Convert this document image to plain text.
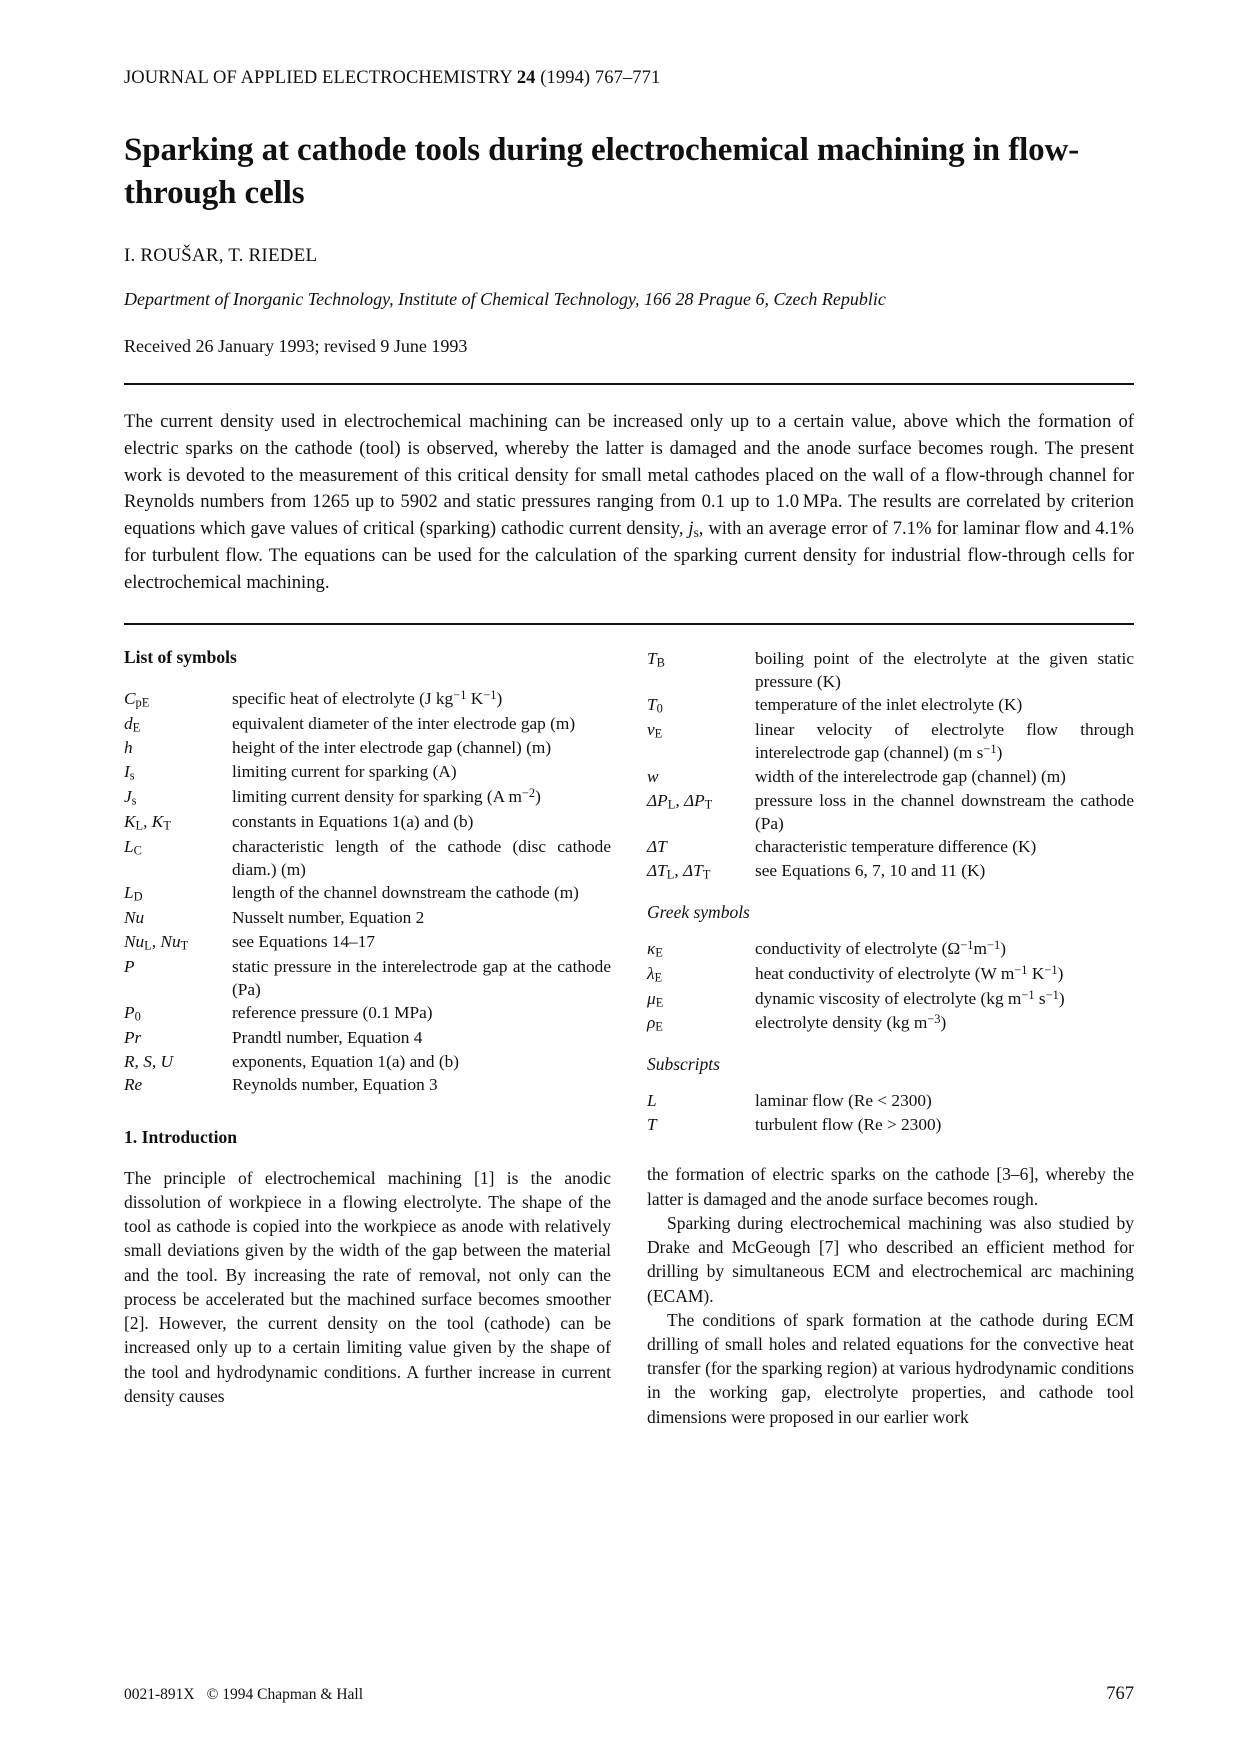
JOURNAL OF APPLIED ELECTROCHEMISTRY 24 (1994) 767–771
Sparking at cathode tools during electrochemical machining in flow-through cells
I. ROUŠAR, T. RIEDEL
Department of Inorganic Technology, Institute of Chemical Technology, 166 28 Prague 6, Czech Republic
Received 26 January 1993; revised 9 June 1993
The current density used in electrochemical machining can be increased only up to a certain value, above which the formation of electric sparks on the cathode (tool) is observed, whereby the latter is damaged and the anode surface becomes rough. The present work is devoted to the measurement of this critical density for small metal cathodes placed on the wall of a flow-through channel for Reynolds numbers from 1265 up to 5902 and static pressures ranging from 0.1 up to 1.0 MPa. The results are correlated by criterion equations which gave values of critical (sparking) cathodic current density, $j_s$, with an average error of 7.1% for laminar flow and 4.1% for turbulent flow. The equations can be used for the calculation of the sparking current density for industrial flow-through cells for electrochemical machining.
List of symbols
$C_{pE}$	specific heat of electrolyte (J $kg^{-1}$ $K^{-1}$)
$d_E$	equivalent diameter of the inter electrode gap (m)
h	height of the inter electrode gap (channel) (m)
$I_s$	limiting current for sparking (A)
$J_s$	limiting current density for sparking (A $m^{-2}$)
$K_L$, $K_T$	constants in Equations 1(a) and (b)
$L_C$	characteristic length of the cathode (disc cathode diam.) (m)
$L_D$	length of the channel downstream the cathode (m)
Nu	Nusselt number, Equation 2
$Nu_L$, $Nu_T$	see Equations 14–17
P	static pressure in the interelectrode gap at the cathode (Pa)
$P_0$	reference pressure (0.1 MPa)
Pr	Prandtl number, Equation 4
R, S, U	exponents, Equation 1(a) and (b)
Re	Reynolds number, Equation 3
1. Introduction

The principle of electrochemical machining [1] is the anodic dissolution of workpiece in a flowing electrolyte. The shape of the tool as cathode is copied into the workpiece as anode with relatively small deviations given by the width of the gap between the material and the tool. By increasing the rate of removal, not only can the process be accelerated but the machined surface becomes smoother [2]. However, the current density on the tool (cathode) can be increased only up to a certain limiting value given by the shape of the tool and hydrodynamic conditions. A further increase in current density causes

$T_B$	boiling point of the electrolyte at the given static pressure (K)
$T_0$	temperature of the inlet electrolyte (K)
$v_E$	linear velocity of electrolyte flow through interelectrode gap (channel) (m $s^{-1}$)
w	width of the interelectrode gap (channel) (m)
$\Delta P_L$, $\Delta P_T$	pressure loss in the channel downstream the cathode (Pa)
ΔT	characteristic temperature difference (K)
$\Delta T_L$, $\Delta T_T$	see Equations 6, 7, 10 and 11 (K)
Greek symbols
$\kappa_E$	conductivity of electrolyte $(\Omega^{-1}m^{-1})$
$\lambda_E$	heat conductivity of electrolyte (W $m^{-1}$ $K^{-1}$)
$\mu_E$	dynamic viscosity of electrolyte (kg $m^{-1}$ $s^{-1}$)
$\rho_E$	electrolyte density (kg $m^{-3}$)
Subscripts
L	laminar flow (Re < 2300)
T	turbulent flow (Re > 2300)

the formation of electric sparks on the cathode [3–6], whereby the latter is damaged and the anode surface becomes rough.

Sparking during electrochemical machining was also studied by Drake and McGeough [7] who described an efficient method for drilling by simultaneous ECM and electrochemical arc machining (ECAM).

The conditions of spark formation at the cathode during ECM drilling of small holes and related equations for the convective heat transfer (for the sparking region) at various hydrodynamic conditions in the working gap, electrolyte properties, and cathode tool dimensions were proposed in our earlier work

0021-891X © 1994 Chapman & Hall	767
